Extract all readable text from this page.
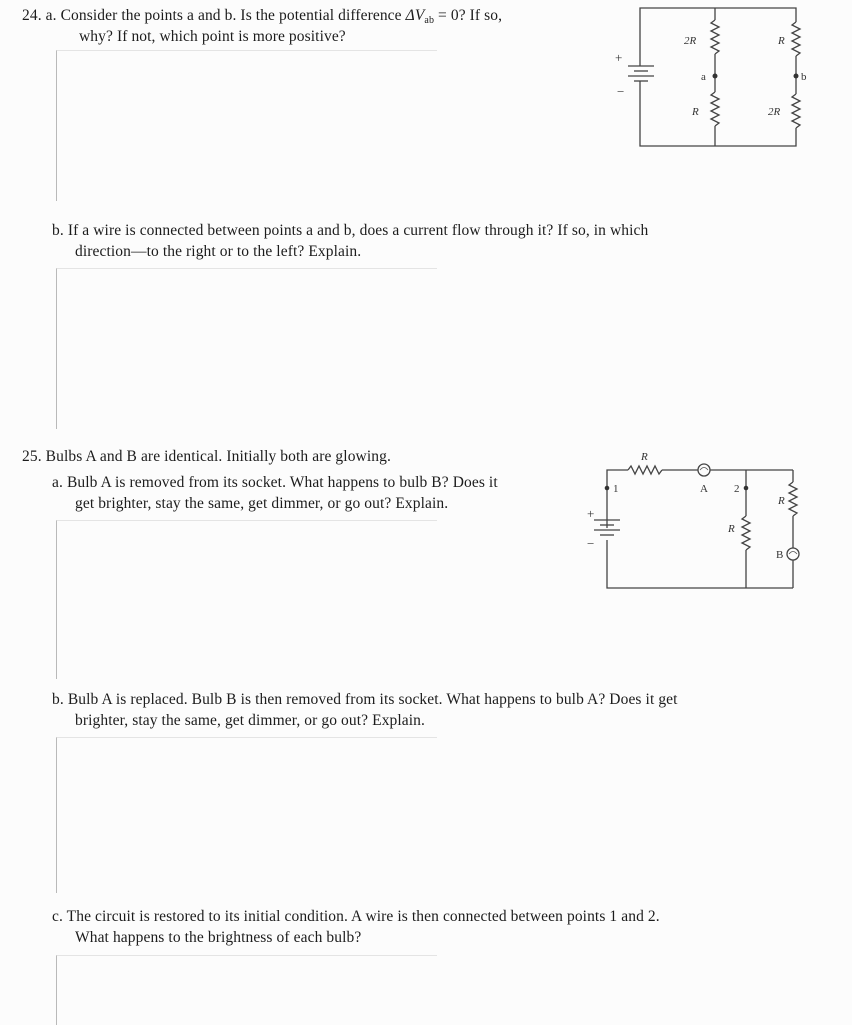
24. a. Consider the points a and b. Is the potential difference $\Delta V_{ab} = 0$? If so,
why? If not, which point is more positive?
+
−
2R	R
R	2R
a	b
b. If a wire is connected between points a and b, does a current flow through it? If so, in which
direction—to the right or to the left? Explain.
25. Bulbs A and B are identical. Initially both are glowing.
a. Bulb A is removed from its socket. What happens to bulb B? Does it
get brighter, stay the same, get dimmer, or go out? Explain.
+
−
R
R
R
A
B
1	2
b. Bulb A is replaced. Bulb B is then removed from its socket. What happens to bulb A? Does it get
brighter, stay the same, get dimmer, or go out? Explain.
c. The circuit is restored to its initial condition. A wire is then connected between points 1 and 2.
What happens to the brightness of each bulb?
